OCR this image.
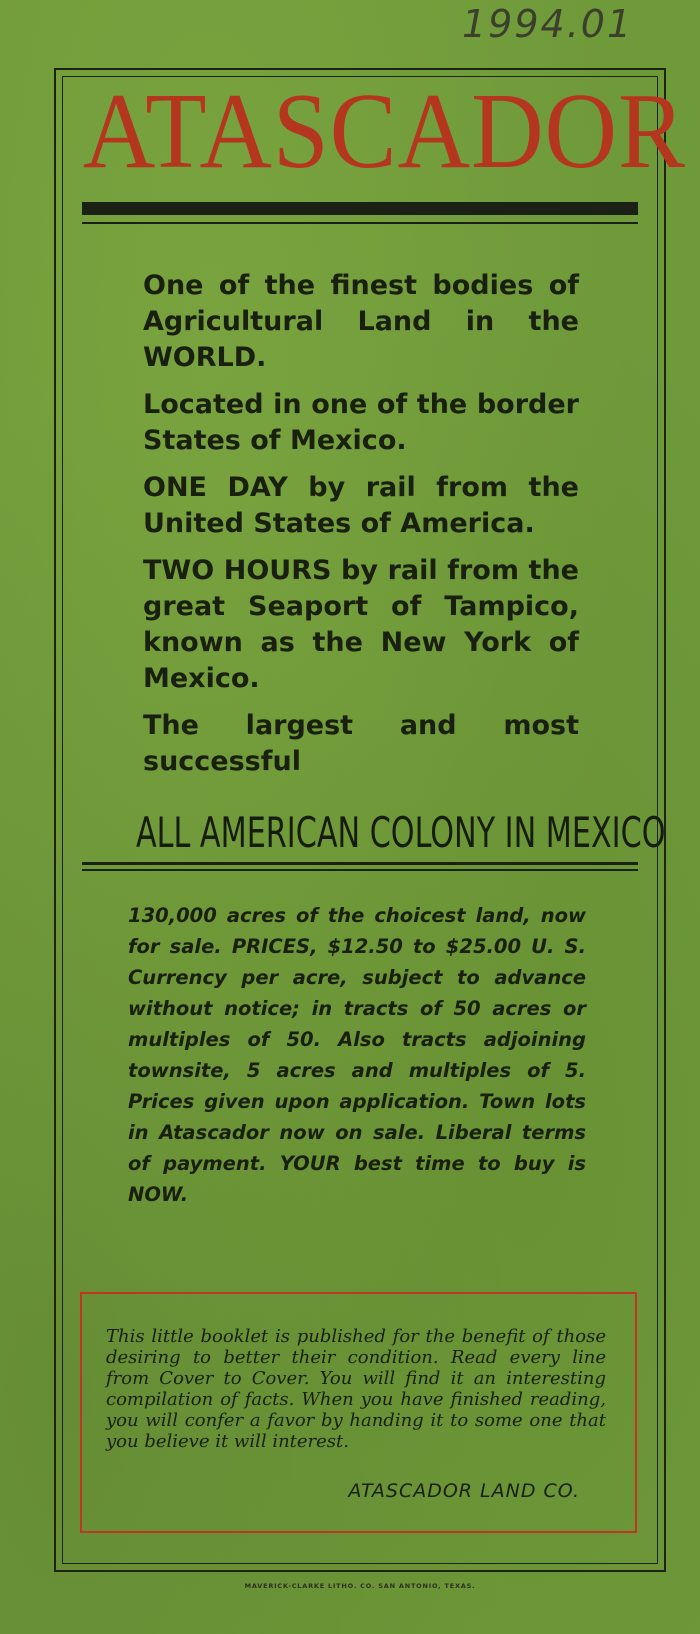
1994.01
ATASCADOR

One of the finest bodies of Agricultural Land in the WORLD.

Located in one of the border States of Mexico.

ONE DAY by rail from the United States of America.

TWO HOURS by rail from the great Seaport of Tampico, known as the New York of Mexico.

The largest and most successful

ALL AMERICAN COLONY IN MEXICO
130,000 acres of the choicest land, now for sale. PRICES, $12.50 to $25.00 U. S. Currency per acre, subject to advance without notice; in tracts of 50 acres or multiples of 50. Also tracts adjoining townsite, 5 acres and multiples of 5. Prices given upon application. Town lots in Atascador now on sale. Liberal terms of payment. YOUR best time to buy is NOW.
This little booklet is published for the benefit of those desiring to better their condition. Read every line from Cover to Cover. You will find it an interesting compilation of facts. When you have finished reading, you will confer a favor by handing it to some one that you believe it will interest.
ATASCADOR LAND CO.
MAVERICK-CLARKE LITHO. CO. SAN ANTONIO, TEXAS.
